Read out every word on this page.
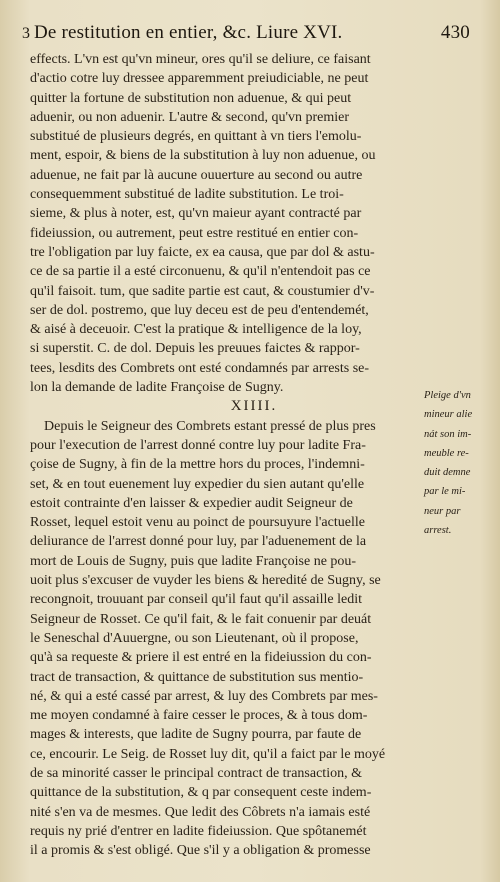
3 De restitution en entier, &c. Liure XVI.	430
effects. L'vn est qu'vn mineur, ores qu'il se deliure, ce faisant
d'actio cotre luy dressee apparemment preiudiciable, ne peut
quitter la fortune de substitution non aduenue, & qui peut
aduenir, ou non aduenir. L'autre & second, qu'vn premier
substitué de plusieurs degrés, en quittant à vn tiers l'emolu-
ment, espoir, & biens de la substitution à luy non aduenue, ou
aduenue, ne fait par là aucune ouuerture au second ou autre
consequemment substitué de ladite substitution. Le troi-
sieme, & plus à noter, est, qu'vn maieur ayant contracté par
fideiussion, ou autrement, peut estre restitué en entier con-
tre l'obligation par luy faicte, ex ea causa, que par dol & astu-
ce de sa partie il a esté circonuenu, & qu'il n'entendoit pas ce
qu'il faisoit. tum, que sadite partie est caut, & coustumier d'v-
ser de dol. postremo, que luy deceu est de peu d'entendemét,
& aisé à deceuoir. C'est la pratique & intelligence de la loy,
si superstit. C. de dol. Depuis les preuues faictes & rappor-
tees, lesdits des Combrets ont esté condamnés par arrests se-
lon la demande de ladite Françoise de Sugny.
XIIII.
Depuis le Seigneur des Combrets estant pressé de plus pres
pour l'execution de l'arrest donné contre luy pour ladite Fra-
çoise de Sugny, à fin de la mettre hors du proces, l'indemni-
set, & en tout euenement luy expedier du sien autant qu'elle
estoit contrainte d'en laisser & expedier audit Seigneur de
Rosset, lequel estoit venu au poinct de poursuyure l'actuelle
deliurance de l'arrest donné pour luy, par l'aduenement de la
mort de Louis de Sugny, puis que ladite Françoise ne pou-
uoit plus s'excuser de vuyder les biens & heredité de Sugny, se
recongnoit, trouuant par conseil qu'il faut qu'il assaille ledit
Seigneur de Rosset. Ce qu'il fait, & le fait conuenir par deuát
le Seneschal d'Auuergne, ou son Lieutenant, où il propose,
qu'à sa requeste & priere il est entré en la fideiussion du con-
tract de transaction, & quittance de substitution sus mentio-
né, & qui a esté cassé par arrest, & luy des Combrets par mes-
me moyen condamné à faire cesser le proces, & à tous dom-
mages & interests, que ladite de Sugny pourra, par faute de
ce, encourir. Le Seig. de Rosset luy dit, qu'il a faict par le moyé
de sa minorité casser le principal contract de transaction, &
quittance de la substitution, & q par consequent ceste indem-
nité s'en va de mesmes. Que ledit des Côbrets n'a iamais esté
requis ny prié d'entrer en ladite fideiussion. Que spôtanemét
il a promis & s'est obligé. Que s'il y a obligation & promesse
Pleige d'vn
mineur alie
nát son im-
meuble re-
duit demne
par le mi-
neur par
arrest.
